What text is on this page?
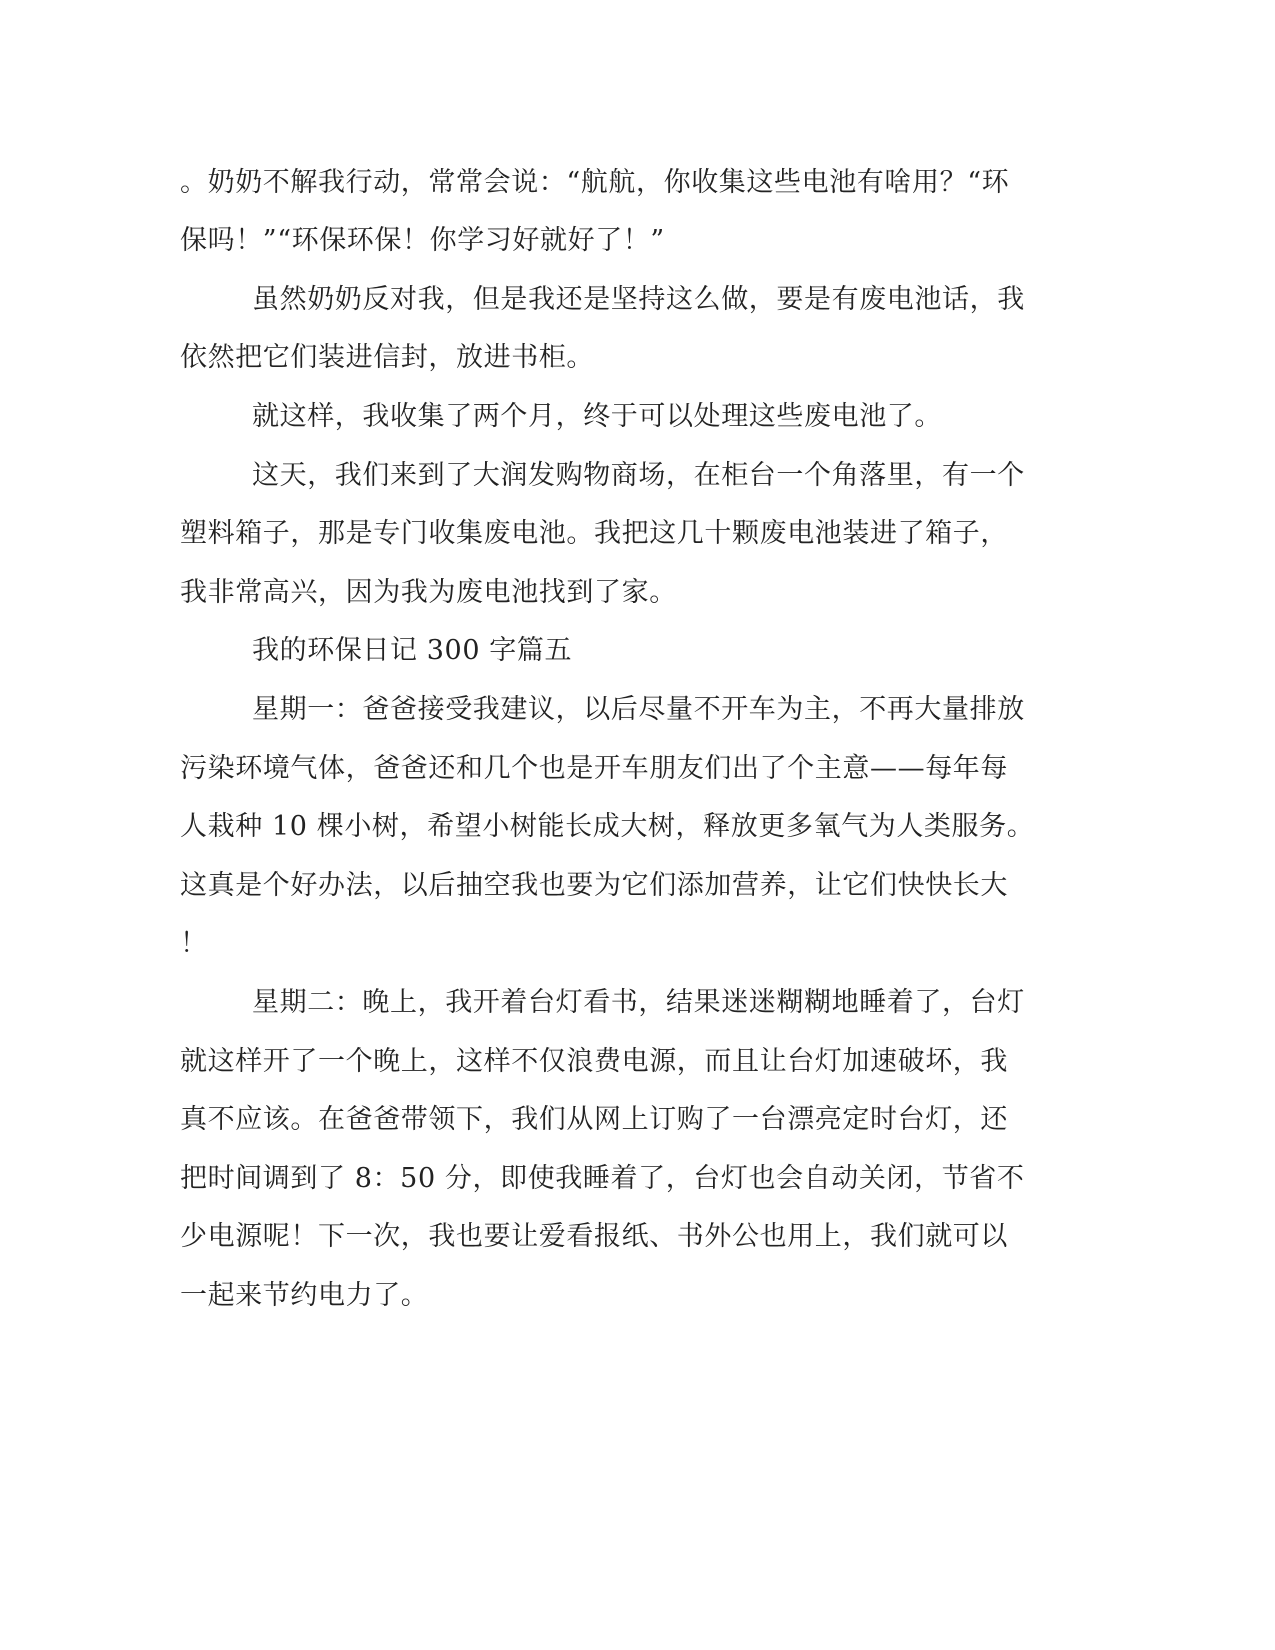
。奶奶不解我行动，常常会说：“航航，你收集这些电池有啥用？“环

保吗！”“环保环保！你学习好就好了！”

虽然奶奶反对我，但是我还是坚持这么做，要是有废电池话，我

依然把它们装进信封，放进书柜。

就这样，我收集了两个月，终于可以处理这些废电池了。

这天，我们来到了大润发购物商场，在柜台一个角落里，有一个

塑料箱子，那是专门收集废电池。我把这几十颗废电池装进了箱子，

我非常高兴，因为我为废电池找到了家。

我的环保日记 300 字篇五

星期一：爸爸接受我建议，以后尽量不开车为主，不再大量排放

污染环境气体，爸爸还和几个也是开车朋友们出了个主意——每年每

人栽种 10 棵小树，希望小树能长成大树，释放更多氧气为人类服务。

这真是个好办法，以后抽空我也要为它们添加营养，让它们快快长大

！

星期二：晚上，我开着台灯看书，结果迷迷糊糊地睡着了，台灯

就这样开了一个晚上，这样不仅浪费电源，而且让台灯加速破坏，我

真不应该。在爸爸带领下，我们从网上订购了一台漂亮定时台灯，还

把时间调到了 8：50 分，即使我睡着了，台灯也会自动关闭，节省不

少电源呢！下一次，我也要让爱看报纸、书外公也用上，我们就可以

一起来节约电力了。
